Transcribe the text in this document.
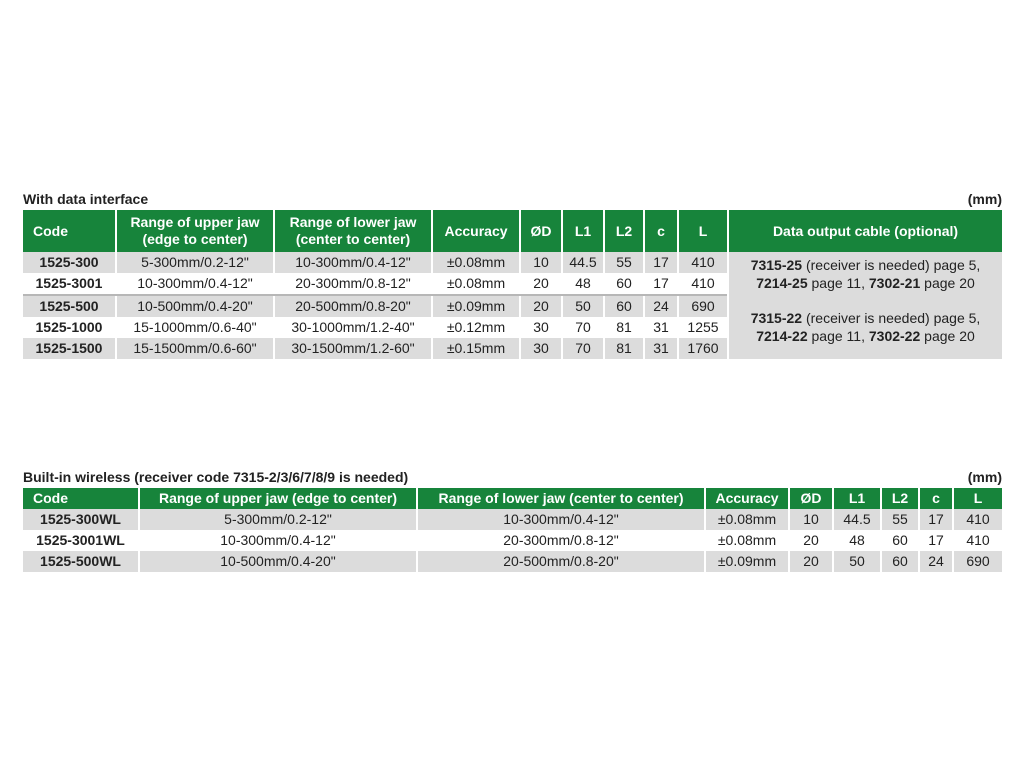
With data interface	(mm)
Code	Range of upper jaw (edge to center)	Range of lower jaw (center to center)	Accuracy	ØD	L1	L2	c	L	Data output cable (optional)
1525-300	5-300mm/0.2-12"	10-300mm/0.4-12"	±0.08mm	10	44.5	55	17	410	7315-25 (receiver is needed) page 5,
7214-25 page 11, 7302-21 page 20
1525-3001	10-300mm/0.4-12"	20-300mm/0.8-12"	±0.08mm	20	48	60	17	410	
1525-500	10-500mm/0.4-20"	20-500mm/0.8-20"	±0.09mm	20	50	60	24	690	7315-22 (receiver is needed) page 5,
7214-22 page 11, 7302-22 page 20
1525-1000	15-1000mm/0.6-40"	30-1000mm/1.2-40"	±0.12mm	30	70	81	31	1255	
1525-1500	15-1500mm/0.6-60"	30-1500mm/1.2-60"	±0.15mm	30	70	81	31	1760	
Built-in wireless (receiver code 7315-2/3/6/7/8/9 is needed)	(mm)
Code	Range of upper jaw (edge to center)	Range of lower jaw (center to center)	Accuracy	ØD	L1	L2	c	L
1525-300WL	5-300mm/0.2-12"	10-300mm/0.4-12"	±0.08mm	10	44.5	55	17	410
1525-3001WL	10-300mm/0.4-12"	20-300mm/0.8-12"	±0.08mm	20	48	60	17	410
1525-500WL	10-500mm/0.4-20"	20-500mm/0.8-20"	±0.09mm	20	50	60	24	690
